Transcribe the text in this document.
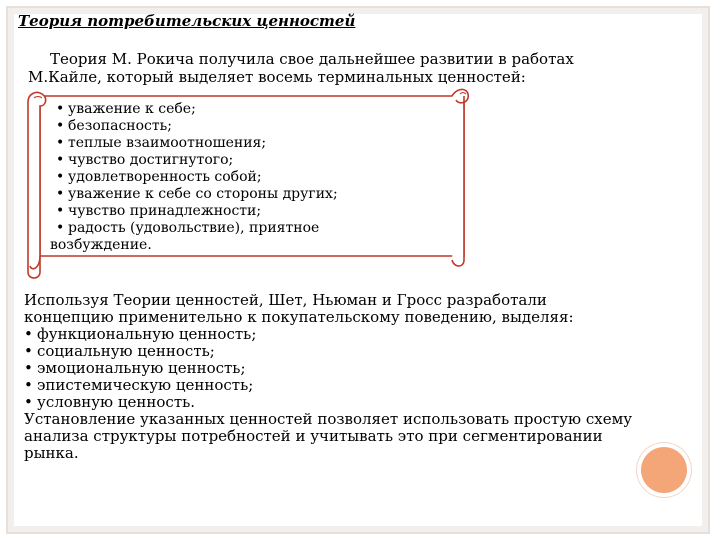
Теория потребительских ценностей
Теория М. Рокича получила свое дальнейшее развитии в работах
М.Кайле, который выделяет восемь терминальных ценностей:
• уважение к себе;
• безопасность;
• теплые взаимоотношения;
• чувство достигнутого;
• удовлетворенность собой;
• уважение к себе со стороны других;
• чувство принадлежности;
• радость (удовольствие), приятное
возбуждение.
Используя Теории ценностей, Шет, Ньюман и Гросс разработали
концепцию применительно к покупательскому поведению, выделяя:
• функциональную ценность;
• социальную ценность;
• эмоциональную ценность;
• эпистемическую ценность;
• условную ценность.
Установление указанных ценностей позволяет использовать простую схему
анализа структуры потребностей и учитывать это при сегментировании
рынка.
